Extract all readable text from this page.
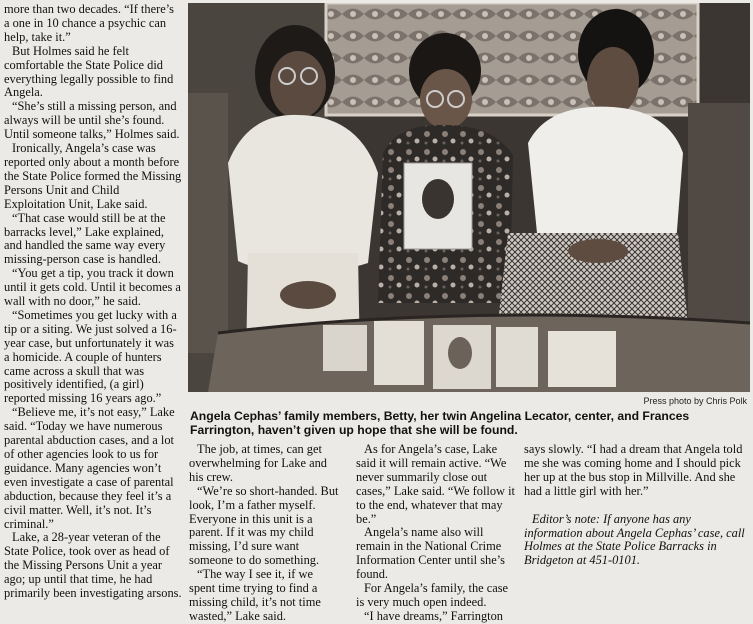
more than two decades. “If there’s a one in 10 chance a psychic can help, take it.”

But Holmes said he felt comfortable the State Police did everything legally possible to find Angela.

“She’s still a missing person, and always will be until she’s found. Until someone talks,” Holmes said.

Ironically, Angela’s case was reported only about a month before the State Police formed the Missing Persons Unit and Child Exploitation Unit, Lake said.

“That case would still be at the barracks level,” Lake explained, and handled the same way every missing-person case is handled.

“You get a tip, you track it down until it gets cold. Until it becomes a wall with no door,” he said.

“Sometimes you get lucky with a tip or a siting. We just solved a 16-year case, but unfortunately it was a homicide. A couple of hunters came across a skull that was positively identified, (a girl) reported missing 16 years ago.”

“Believe me, it’s not easy,” Lake said. “Today we have numerous parental abduction cases, and a lot of other agencies look to us for guidance. Many agencies won’t even investigate a case of parental abduction, because they feel it’s a civil matter. Well, it’s not. It’s criminal.”

Lake, a 28-year veteran of the State Police, took over as head of the Missing Persons Unit a year ago; up until that time, he had primarily been investigating arsons.

Press photo by Chris Polk
Angela Cephas’ family members, Betty, her twin Angelina Lecator, center, and Frances Farrington, haven’t given up hope that she will be found.

The job, at times, can get overwhelming for Lake and his crew.

“We’re so short-handed. But look, I’m a father myself. Everyone in this unit is a parent. If it was my child missing, I’d sure want someone to do something.

“The way I see it, if we spent time trying to find a missing child, it’s not time wasted,” Lake said.

As for Angela’s case, Lake said it will remain active. “We never summarily close out cases,” Lake said. “We follow it to the end, whatever that may be.”

Angela’s name also will remain in the National Crime Information Center until she’s found.

For Angela’s family, the case is very much open indeed.

“I have dreams,” Farrington

says slowly. “I had a dream that Angela told me she was coming home and I should pick her up at the bus stop in Millville. And she had a little girl with her.”

Editor’s note: If anyone has any information about Angela Cephas’ case, call Holmes at the State Police Barracks in Bridgeton at 451-0101.
